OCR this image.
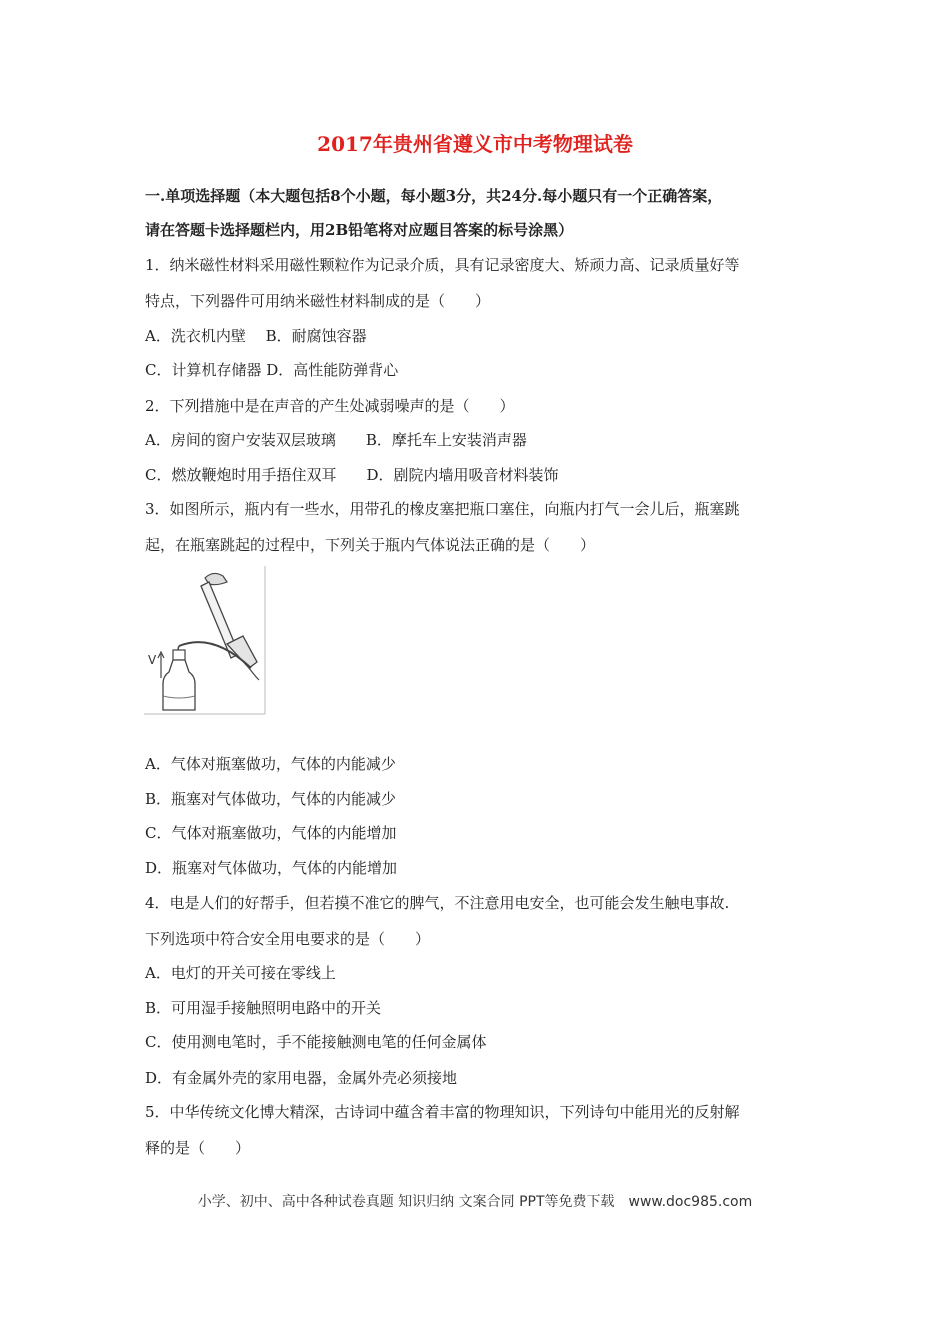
2017年贵州省遵义市中考物理试卷
一.单项选择题（本大题包括8个小题，每小题3分，共24分.每小题只有一个正确答案，
请在答题卡选择题栏内，用2B铅笔将对应题目答案的标号涂黑）
1．纳米磁性材料采用磁性颗粒作为记录介质，具有记录密度大、矫顽力高、记录质量好等
特点，下列器件可用纳米磁性材料制成的是（　　）
A．洗衣机内壁　 B．耐腐蚀容器
C．计算机存储器 D．高性能防弹背心
2．下列措施中是在声音的产生处减弱噪声的是（　　）
A．房间的窗户安装双层玻璃　　B．摩托车上安装消声器
C．燃放鞭炮时用手捂住双耳　　D．剧院内墙用吸音材料装饰
3．如图所示，瓶内有一些水，用带孔的橡皮塞把瓶口塞住，向瓶内打气一会儿后，瓶塞跳
起，在瓶塞跳起的过程中，下列关于瓶内气体说法正确的是（　　）
V
A．气体对瓶塞做功，气体的内能减少
B．瓶塞对气体做功，气体的内能减少
C．气体对瓶塞做功，气体的内能增加
D．瓶塞对气体做功，气体的内能增加
4．电是人们的好帮手，但若摸不准它的脾气，不注意用电安全，也可能会发生触电事故.
下列选项中符合安全用电要求的是（　　）
A．电灯的开关可接在零线上
B．可用湿手接触照明电路中的开关
C．使用测电笔时，手不能接触测电笔的任何金属体
D．有金属外壳的家用电器，金属外壳必须接地
5．中华传统文化博大精深，古诗词中蕴含着丰富的物理知识，下列诗句中能用光的反射解
释的是（　　）
小学、初中、高中各种试卷真题 知识归纳 文案合同 PPT等免费下载　www.doc985.com
